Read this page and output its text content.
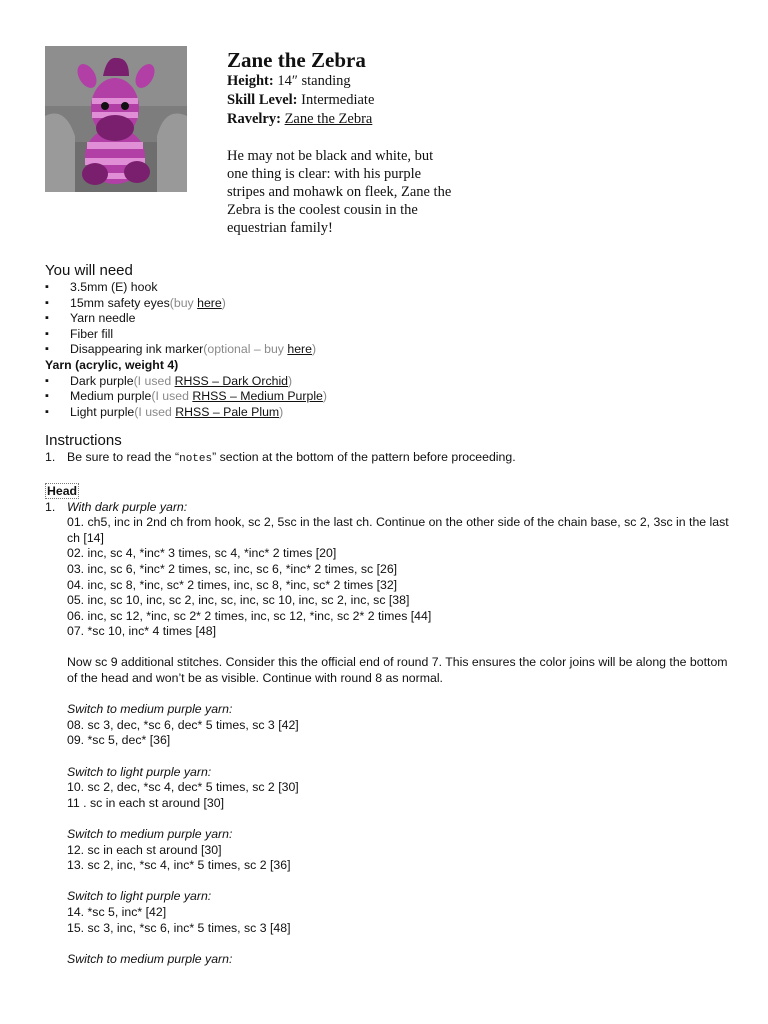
Zane the Zebra
Height: 14″ standing
Skill Level: Intermediate
Ravelry: Zane the Zebra
He may not be black and white, but one thing is clear: with his purple stripes and mohawk on fleek, Zane the Zebra is the coolest cousin in the equestrian family!
You will need
▪ 3.5mm (E) hook
▪ 15mm safety eyes(buy here)
▪ Yarn needle
▪ Fiber fill
▪ Disappearing ink marker(optional – buy here)
Yarn (acrylic, weight 4)
▪ Dark purple(I used RHSS – Dark Orchid)
▪ Medium purple(I used RHSS – Medium Purple)
▪ Light purple(I used RHSS – Pale Plum)
Instructions
1. Be sure to read the “notes” section at the bottom of the pattern before proceeding.
Head
1. With dark purple yarn:
01. ch5, inc in 2nd ch from hook, sc 2, 5sc in the last ch. Continue on the other side of the chain base, sc 2, 3sc in the last ch [14]
02. inc, sc 4, *inc* 3 times, sc 4, *inc* 2 times [20]
03. inc, sc 6, *inc* 2 times, sc, inc, sc 6, *inc* 2 times, sc [26]
04. inc, sc 8, *inc, sc* 2 times, inc, sc 8, *inc, sc* 2 times [32]
05. inc, sc 10, inc, sc 2, inc, sc, inc, sc 10, inc, sc 2, inc, sc [38]
06. inc, sc 12, *inc, sc 2* 2 times, inc, sc 12, *inc, sc 2* 2 times [44]
07. *sc 10, inc* 4 times [48]
Now sc 9 additional stitches. Consider this the official end of round 7. This ensures the color joins will be along the bottom of the head and won’t be as visible. Continue with round 8 as normal.
Switch to medium purple yarn:
08. sc 3, dec, *sc 6, dec* 5 times, sc 3 [42]
09. *sc 5, dec* [36]
Switch to light purple yarn:
10. sc 2, dec, *sc 4, dec* 5 times, sc 2 [30]
11 . sc in each st around [30]
Switch to medium purple yarn:
12. sc in each st around [30]
13. sc 2, inc, *sc 4, inc* 5 times, sc 2 [36]
Switch to light purple yarn:
14. *sc 5, inc* [42]
15. sc 3, inc, *sc 6, inc* 5 times, sc 3 [48]
Switch to medium purple yarn:
